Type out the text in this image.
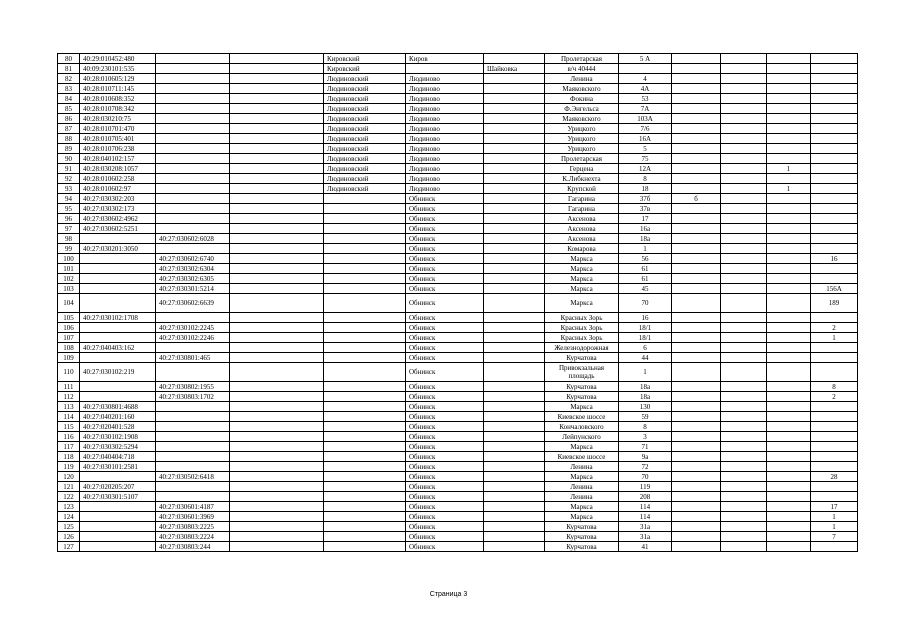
80	40:29:010452:480			Кировский	Киров		Пролетарская	5 А				
81	40:09:230101:535			Кировский		Шайковка	в/ч 40444					
82	40:28:010605:129			Людиновский	Людиново		Ленина	4				
83	40:28:010711:145			Людиновский	Людиново		Маяковского	4А				
84	40:28:010608:352			Людиновский	Людиново		Фокина	53				
85	40:28:010708:342			Людиновский	Людиново		Ф.Энгельса	7А				
86	40:28:030210:75			Людиновский	Людиново		Маяковского	103А				
87	40:28:010701:470			Людиновский	Людиново		Урицкого	7/6				
88	40:28:010705:401			Людиновский	Людиново		Урицкого	16А				
89	40:28:010706:238			Людиновский	Людиново		Урицкого	5				
90	40:28:040102:157			Людиновский	Людиново		Пролетарская	75				
91	40:28:030208:1057			Людиновский	Людиново		Герцена	12А			1	
92	40:28:010602:258			Людиновский	Людиново		К.Либкнехта	8				
93	40:28:010602:97			Людиновский	Людиново		Крупской	18			1	
94	40:27:030302:203				Обнинск		Гагарина	37б	б			
95	40:27:030302:173				Обнинск		Гагарина	37в				
96	40:27:030602:4962				Обнинск		Аксенова	17				
97	40:27:030602:5251				Обнинск		Аксенова	16а				
98		40:27:030602:6028			Обнинск		Аксенова	18а				
99	40:27:030201:3050				Обнинск		Комарова	1				
100		40:27:030602:6740			Обнинск		Маркса	56				16
101		40:27:030302:6304			Обнинск		Маркса	61				
102		40:27:030302:6305			Обнинск		Маркса	61				
103		40:27:030301:5214			Обнинск		Маркса	45				156А
104		40:27:030602:6639			Обнинск		Маркса	70				189
105	40:27:030102:1708				Обнинск		Красных Зорь	16				
106		40:27:030102:2245			Обнинск		Красных Зорь	18/1				2
107		40:27:030102:2246			Обнинск		Красных Зорь	18/1				1
108	40:27:040403:162				Обнинск		Железнодорожная	6				
109		40:27:030801:465			Обнинск		Курчатова	44				
110	40:27:030102:219				Обнинск		Привокзальная площадь	1				
111		40:27:030802:1955			Обнинск		Курчатова	18а				8
112		40:27:030803:1702			Обнинск		Курчатова	18а				2
113	40:27:030801:4688				Обнинск		Маркса	130				
114	40:27:040201:160				Обнинск		Киевское шоссе	59				
115	40:27:020401:528				Обнинск		Кончаловского	8				
116	40:27:030102:1908				Обнинск		Лейпунского	3				
117	40:27:030302:5294				Обнинск		Маркса	71				
118	40:27:040404:718				Обнинск		Киевское шоссе	9а				
119	40:27:030101:2581				Обнинск		Ленина	72				
120		40:27:030502:6418			Обнинск		Маркса	70				28
121	40:27:020205:207				Обнинск		Ленина	119				
122	40:27:030301:5107				Обнинск		Ленина	208				
123		40:27:030601:4187			Обнинск		Маркса	114				17
124		40:27:030601:3969			Обнинск		Маркса	114				1
125		40:27:030803:2225			Обнинск		Курчатова	31а				1
126		40:27:030803:2224			Обнинск		Курчатова	31а				7
127		40:27:030803:244			Обнинск		Курчатова	41				
Страница 3
